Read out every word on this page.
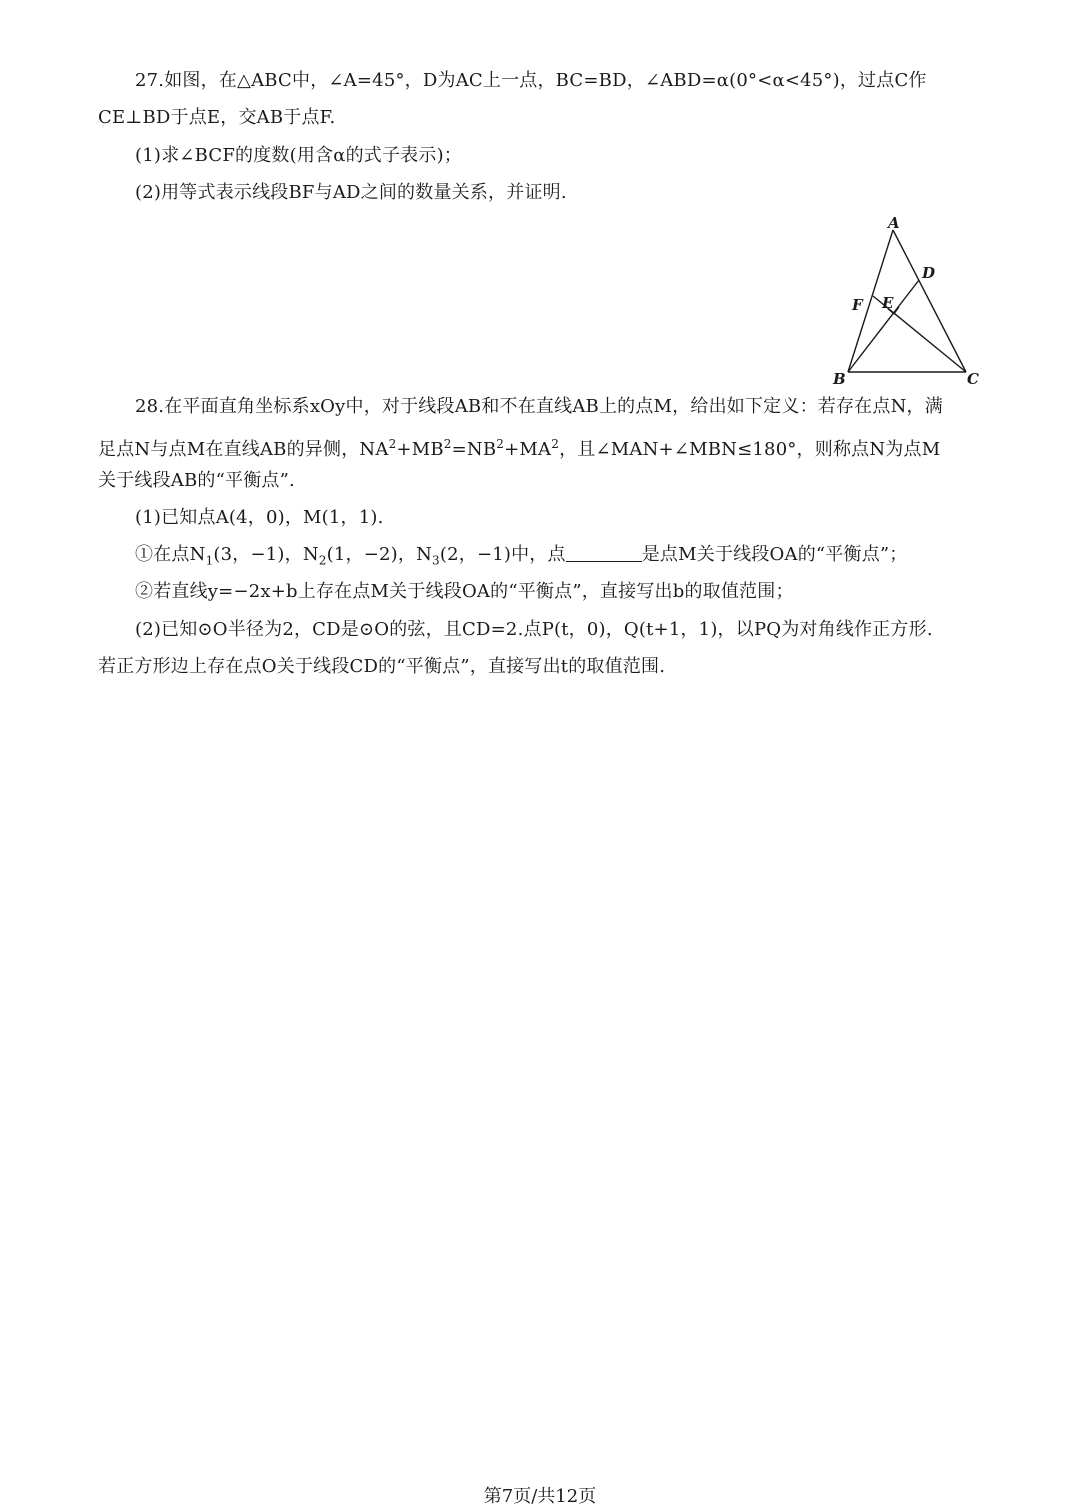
27.如图，在△ABC中，∠A=45°，D为AC上一点，BC=BD，∠ABD=α(0°<α<45°)，过点C作
CE⊥BD于点E，交AB于点F.
(1)求∠BCF的度数(用含α的式子表示)；
(2)用等式表示线段BF与AD之间的数量关系，并证明.
A
D
F E
B	C
28.在平面直角坐标系xOy中，对于线段AB和不在直线AB上的点M，给出如下定义：若存在点N，满
足点N与点M在直线AB的异侧，$NA^2+MB^2=NB^2+MA^2$，且∠MAN+∠MBN≤180°，则称点N为点M
关于线段AB的“平衡点”.
(1)已知点A(4，0)，M(1，1).
①在点$N_1(3$，−1)，$N_2(1$，−2)，$N_3(2$，−1)中，点	是点M关于线段OA的“平衡点”；
②若直线y=−2x+b上存在点M关于线段OA的“平衡点”，直接写出b的取值范围；
(2)已知⊙O半径为2，CD是⊙O的弦，且CD=2.点P(t，0)，Q(t+1，1)，以PQ为对角线作正方形.
若正方形边上存在点O关于线段CD的“平衡点”，直接写出t的取值范围.
第7页/共12页
